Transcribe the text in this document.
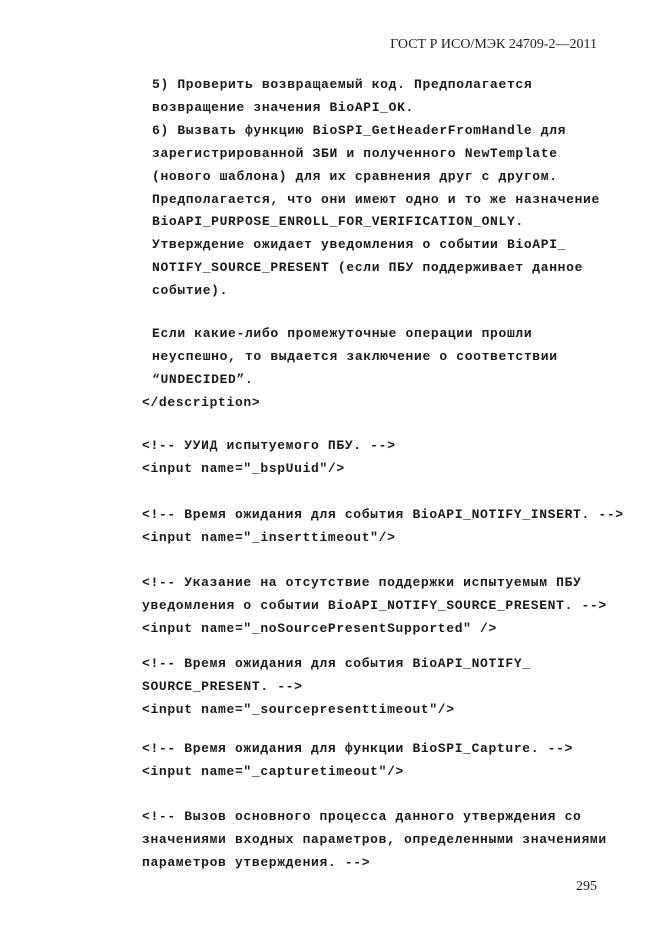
ГОСТ Р ИСО/МЭК 24709-2—2011
5) Проверить возвращаемый код. Предполагается
возвращение значения BioAPI_OK.
6) Вызвать функцию BioSPI_GetHeaderFromHandle для
зарегистрированной ЗБИ и полученного NewTemplate
(нового шаблона) для их сравнения друг с другом.
Предполагается, что они имеют одно и то же назначение
BioAPI_PURPOSE_ENROLL_FOR_VERIFICATION_ONLY.
Утверждение ожидает уведомления о событии BioAPI_
NOTIFY_SOURCE_PRESENT (если ПБУ поддерживает данное
событие).
Если какие-либо промежуточные операции прошли
неуспешно, то выдается заключение о соответствии
“UNDECIDED”.
</description>
<!-- УУИД испытуемого ПБУ. -->
<input name="_bspUuid"/>
<!-- Время ожидания для события BioAPI_NOTIFY_INSERT. -->
<input name="_inserttimeout"/>
<!-- Указание на отсутствие поддержки испытуемым ПБУ
уведомления о событии BioAPI_NOTIFY_SOURCE_PRESENT. -->
<input name="_noSourcePresentSupported" />
<!-- Время ожидания для события BioAPI_NOTIFY_
SOURCE_PRESENT. -->
<input name="_sourcepresenttimeout"/>
<!-- Время ожидания для функции BioSPI_Capture. -->
<input name="_capturetimeout"/>
<!-- Вызов основного процесса данного утверждения со
значениями входных параметров, определенными значениями
параметров утверждения. -->
295
